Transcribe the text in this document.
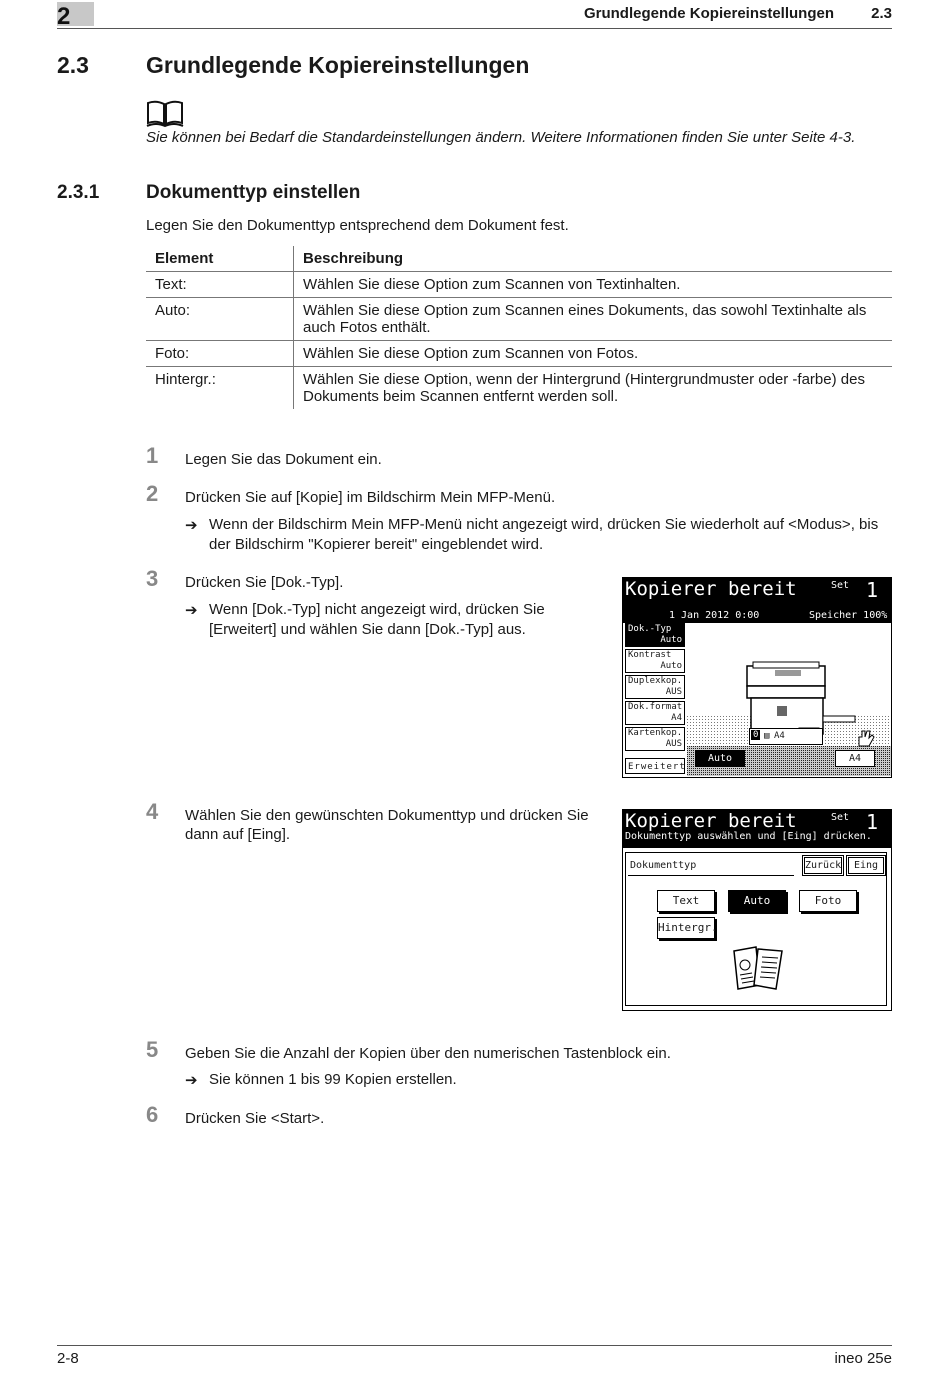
2	Grundlegende Kopiereinstellungen 2.3
2.3 Grundlegende Kopiereinstellungen
Sie können bei Bedarf die Standardeinstellungen ändern. Weitere Informationen finden Sie unter Seite 4-3.
2.3.1 Dokumenttyp einstellen
Legen Sie den Dokumenttyp entsprechend dem Dokument fest.
Element	Beschreibung
Text:	Wählen Sie diese Option zum Scannen von Textinhalten.
Auto:	Wählen Sie diese Option zum Scannen eines Dokuments, das sowohl Textinhalte als auch Fotos enthält.
Foto:	Wählen Sie diese Option zum Scannen von Fotos.
Hintergr.:	Wählen Sie diese Option, wenn der Hintergrund (Hintergrundmuster oder -farbe) des Dokuments beim Scannen entfernt werden soll.
1 Legen Sie das Dokument ein.
2 Drücken Sie auf [Kopie] im Bildschirm Mein MFP-Menü.
➔ Wenn der Bildschirm Mein MFP-Menü nicht angezeigt wird, drücken Sie wiederholt auf <Modus>, bis der Bildschirm "Kopierer bereit" eingeblendet wird.
3 Drücken Sie [Dok.-Typ].
➔ Wenn [Dok.-Typ] nicht angezeigt wird, drücken Sie [Erweitert] und wählen Sie dann [Dok.-Typ] aus.
4 Wählen Sie den gewünschten Dokumenttyp und drücken Sie dann auf [Eing].
5 Geben Sie die Anzahl der Kopien über den numerischen Tastenblock ein.
➔ Sie können 1 bis 99 Kopien erstellen.
6 Drücken Sie <Start>.
Kopierer bereit	Set 1
1 Jan 2012 0:00	Speicher 100%
Dok.-Typ
Auto
Kontrast
Auto
Duplexkop.
AUS
Dok.format
A4
Kartenkop.
AUS
Erweitert
0 ▤ A4
Auto	A4
Kopierer bereit	Set 1
Dokumenttyp auswählen und [Eing] drücken.
Dokumenttyp	Zurück	Eing
Text	Auto	Foto
Hintergr.
2-8	ineo 25e
